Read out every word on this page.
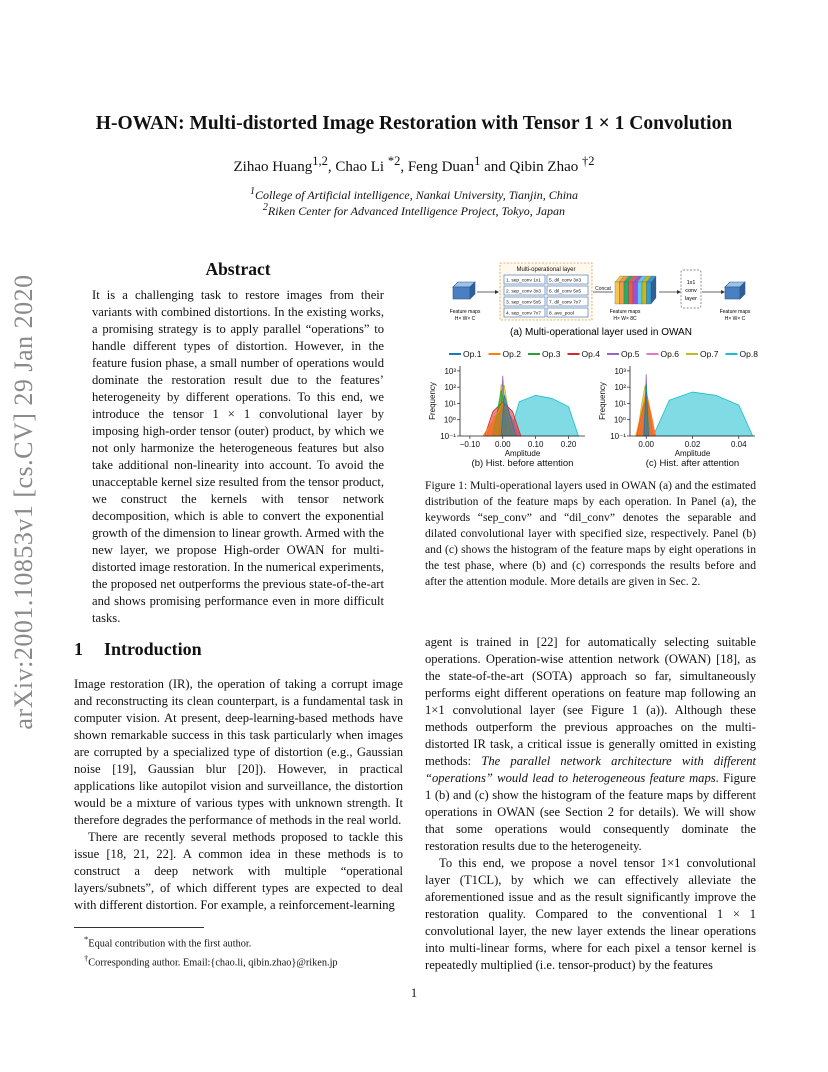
arXiv:2001.10853v1 [cs.CV] 29 Jan 2020
H-OWAN: Multi-distorted Image Restoration with Tensor 1 × 1 Convolution
Zihao Huang$^{1,2}$, Chao Li $^{*2}$, Feng Duan$^1$ and Qibin Zhao $^{\dagger 2}$
$^1$College of Artificial intelligence, Nankai University, Tianjin, China
$^2$Riken Center for Advanced Intelligence Project, Tokyo, Japan
Abstract

It is a challenging task to restore images from their variants with combined distortions. In the existing works, a promising strategy is to apply parallel “operations” to handle different types of distortion. However, in the feature fusion phase, a small number of operations would dominate the restoration result due to the features’ heterogeneity by different operations. To this end, we introduce the tensor 1 × 1 convolutional layer by imposing high-order tensor (outer) product, by which we not only harmonize the heterogeneous features but also take additional non-linearity into account. To avoid the unacceptable kernel size resulted from the tensor product, we construct the kernels with tensor network decomposition, which is able to convert the exponential growth of the dimension to linear growth. Armed with the new layer, we propose High-order OWAN for multi-distorted image restoration. In the numerical experiments, the proposed net outperforms the previous state-of-the-art and shows promising performance even in more difficult tasks.

1 Introduction

Image restoration (IR), the operation of taking a corrupt image and reconstructing its clean counterpart, is a fundamental task in computer vision. At present, deep-learning-based methods have shown remarkable success in this task particularly when images are corrupted by a specialized type of distortion (e.g., Gaussian noise [19], Gaussian blur [20]). However, in practical applications like autopilot vision and surveillance, the distortion would be a mixture of various types with unknown strength. It therefore degrades the performance of methods in the real world.

There are recently several methods proposed to tackle this issue [18, 21, 22]. A common idea in these methods is to construct a deep network with multiple “operational layers/subnets”, of which different types are expected to deal with different distortion. For example, a reinforcement-learning

*Equal contribution with the first author.
†Corresponding author. Email:{chao.li, qibin.zhao}@riken.jp

agent is trained in [22] for automatically selecting suitable operations. Operation-wise attention network (OWAN) [18], as the state-of-the-art (SOTA) approach so far, simultaneously performs eight different operations on feature map following an 1×1 convolutional layer (see Figure 1 (a)). Although these methods outperform the previous approaches on the multi-distorted IR task, a critical issue is generally omitted in existing methods: The parallel network architecture with different “operations” would lead to heterogeneous feature maps. Figure 1 (b) and (c) show the histogram of the feature maps by different operations in OWAN (see Section 2 for details). We will show that some operations would consequently dominate the restoration results due to the heterogeneity.

To this end, we propose a novel tensor 1×1 convolutional layer (T1CL), by which we can effectively alleviate the aforementioned issue and as the result significantly improve the restoration quality. Compared to the conventional 1 × 1 convolutional layer, the new layer extends the linear operations into multi-linear forms, where for each pixel a tensor kernel is repeatedly multiplied (i.e. tensor-product) by the features

Figure 1: Multi-operational layers used in OWAN (a) and the estimated distribution of the feature maps by each operation. In Panel (a), the keywords “sep_conv” and “dil_conv” denotes the separable and dilated convolutional layer with specified size, respectively. Panel (b) and (c) shows the histogram of the feature maps by eight operations in the test phase, where (b) and (c) corresponds the results before and after the attention module. More details are given in Sec. 2.
1
Multi-operational layer
1. sep_conv 1x1
2. sep_conv 3x3
3. sep_conv 5x5
4. sep_conv 7x7
5. dil_conv 3x3
6. dil_conv 5x5
7. dil_conv 7x7
8. ave_pool
Concat
1x1
conv
layer
Feature maps
H× W× C
Feature maps
H× W× 8C
Feature maps
H× W× C
(a) Multi-operational layer used in OWAN
Op.1 Op.2 Op.3 Op.4 Op.5 Op.6 Op.7 Op.8
10⁻¹
10⁰
10¹
10²
10³
−0.10 0.00 0.10 0.20
Amplitude
Frequency
(b) Hist. before attention
10⁻¹
10⁰
10¹
10²
10³
0.00	0.02	0.04
Amplitude
Frequency
(c) Hist. after attention
